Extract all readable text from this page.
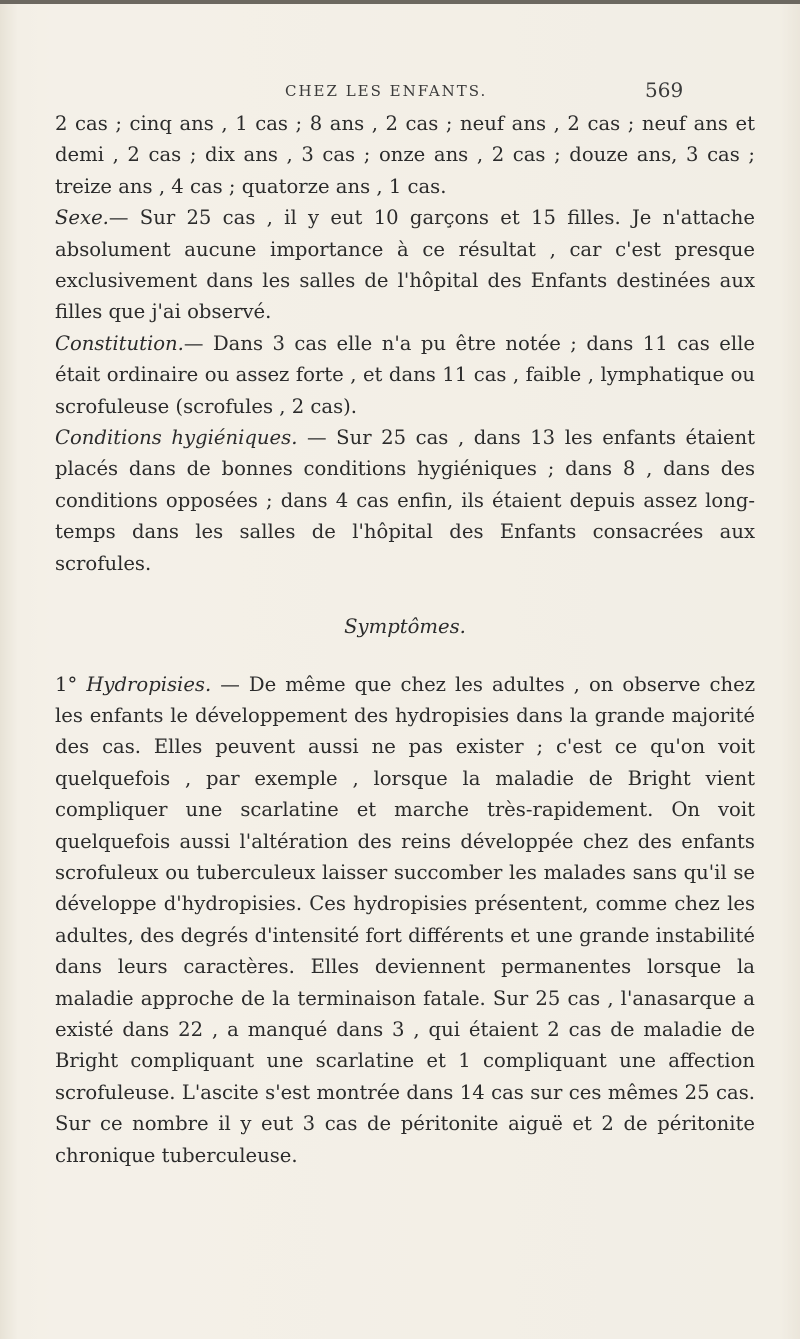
CHEZ LES ENFANTS.	569

2 cas ; cinq ans , 1 cas ; 8 ans , 2 cas ; neuf ans , 2 cas ; neuf ans et demi , 2 cas ; dix ans , 3 cas ; onze ans , 2 cas ; douze ans, 3 cas ; treize ans , 4 cas ; quatorze ans , 1 cas.

Sexe.— Sur 25 cas , il y eut 10 garçons et 15 filles. Je n'attache absolument aucune importance à ce résultat , car c'est presque exclusivement dans les salles de l'hôpital des Enfants destinées aux filles que j'ai observé.

Constitution.— Dans 3 cas elle n'a pu être notée ; dans 11 cas elle était ordinaire ou assez forte , et dans 11 cas , faible , lymphatique ou scrofuleuse (scrofules , 2 cas).

Conditions hygiéniques. — Sur 25 cas , dans 13 les enfants étaient placés dans de bonnes conditions hygiéniques ; dans 8 , dans des conditions opposées ; dans 4 cas enfin, ils étaient depuis assez long-temps dans les salles de l'hôpital des Enfants consacrées aux scrofules.

Symptômes.

1° Hydropisies. — De même que chez les adultes , on observe chez les enfants le développement des hydropisies dans la grande majorité des cas. Elles peuvent aussi ne pas exister ; c'est ce qu'on voit quelquefois , par exemple , lorsque la maladie de Bright vient compliquer une scarlatine et marche très-rapidement. On voit quelquefois aussi l'altération des reins développée chez des enfants scrofuleux ou tuberculeux laisser succomber les malades sans qu'il se développe d'hydropisies. Ces hydropisies présentent, comme chez les adultes, des degrés d'intensité fort différents et une grande instabilité dans leurs caractères. Elles deviennent permanentes lorsque la maladie approche de la terminaison fatale. Sur 25 cas , l'anasarque a existé dans 22 , a manqué dans 3 , qui étaient 2 cas de maladie de Bright compliquant une scarlatine et 1 compliquant une affection scrofuleuse. L'ascite s'est montrée dans 14 cas sur ces mêmes 25 cas. Sur ce nombre il y eut 3 cas de péritonite aiguë et 2 de péritonite chronique tuberculeuse.
